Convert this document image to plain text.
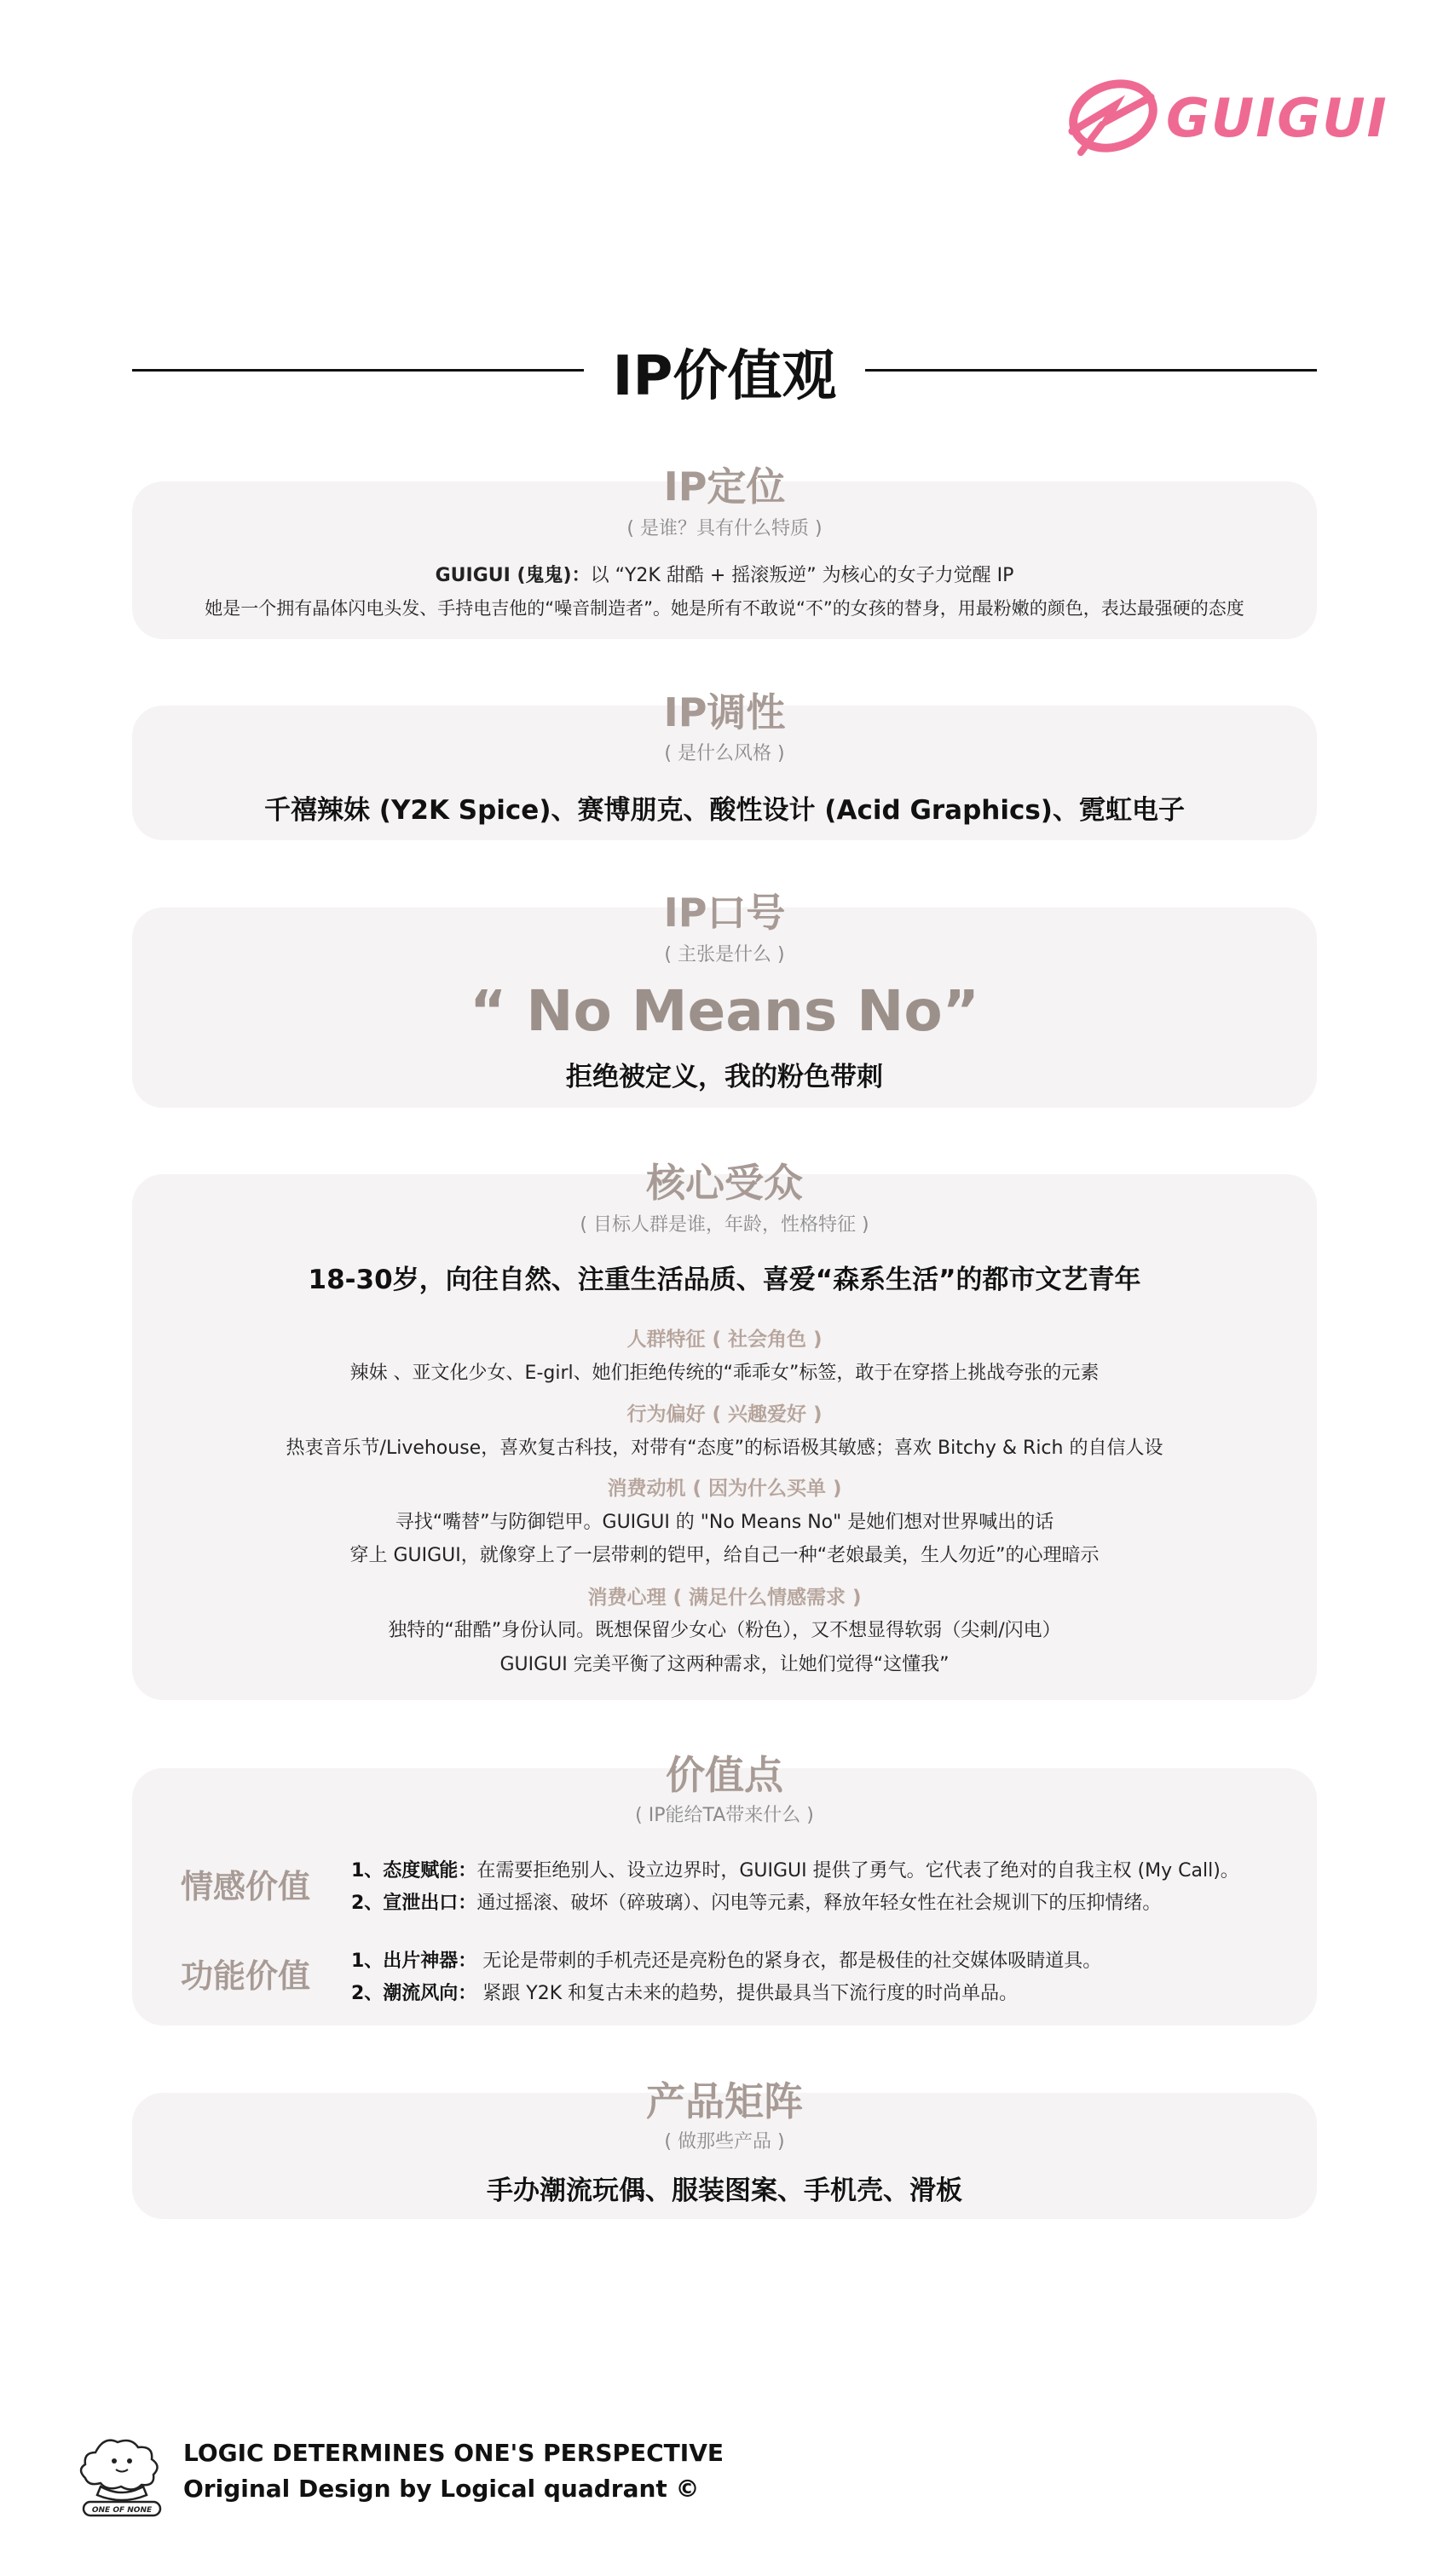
GUIGUI
IP价值观
IP定位
( 是谁？具有什么特质 )
GUIGUI (鬼鬼)：以 “Y2K 甜酷 + 摇滚叛逆” 为核心的女子力觉醒 IP
她是一个拥有晶体闪电头发、手持电吉他的“噪音制造者”。她是所有不敢说“不”的女孩的替身，用最粉嫩的颜色，表达最强硬的态度
IP调性
( 是什么风格 )
千禧辣妹 (Y2K Spice)、赛博朋克、酸性设计 (Acid Graphics)、霓虹电子
IP口号
( 主张是什么 )
“ No Means No”
拒绝被定义，我的粉色带刺
核心受众
( 目标人群是谁，年龄，性格特征 )
18-30岁，向往自然、注重生活品质、喜爱“森系生活”的都市文艺青年
人群特征 ( 社会角色 )
辣妹 、亚文化少女、E-girl、她们拒绝传统的“乖乖女”标签，敢于在穿搭上挑战夸张的元素
行为偏好 ( 兴趣爱好 )
热衷音乐节/Livehouse，喜欢复古科技，对带有“态度”的标语极其敏感；喜欢 Bitchy & Rich 的自信人设
消费动机 ( 因为什么买单 )
寻找“嘴替”与防御铠甲。GUIGUI 的 "No Means No" 是她们想对世界喊出的话
穿上 GUIGUI，就像穿上了一层带刺的铠甲，给自己一种“老娘最美，生人勿近”的心理暗示
消费心理 ( 满足什么情感需求 )
独特的“甜酷”身份认同。既想保留少女心（粉色），又不想显得软弱（尖刺/闪电）
GUIGUI 完美平衡了这两种需求，让她们觉得“这懂我”
价值点
( IP能给TA带来什么 )
情感价值 1、态度赋能：在需要拒绝别人、设立边界时，GUIGUI 提供了勇气。它代表了绝对的自我主权 (My Call)。
2、宣泄出口：通过摇滚、破坏（碎玻璃）、闪电等元素，释放年轻女性在社会规训下的压抑情绪。
功能价值 1、出片神器： 无论是带刺的手机壳还是亮粉色的紧身衣，都是极佳的社交媒体吸睛道具。
2、潮流风向： 紧跟 Y2K 和复古未来的趋势，提供最具当下流行度的时尚单品。
产品矩阵
( 做那些产品 )
手办潮流玩偶、服装图案、手机壳、滑板
ONE OF NONE
LOGIC DETERMINES ONE'S PERSPECTIVE
Original Design by Logical quadrant ©
